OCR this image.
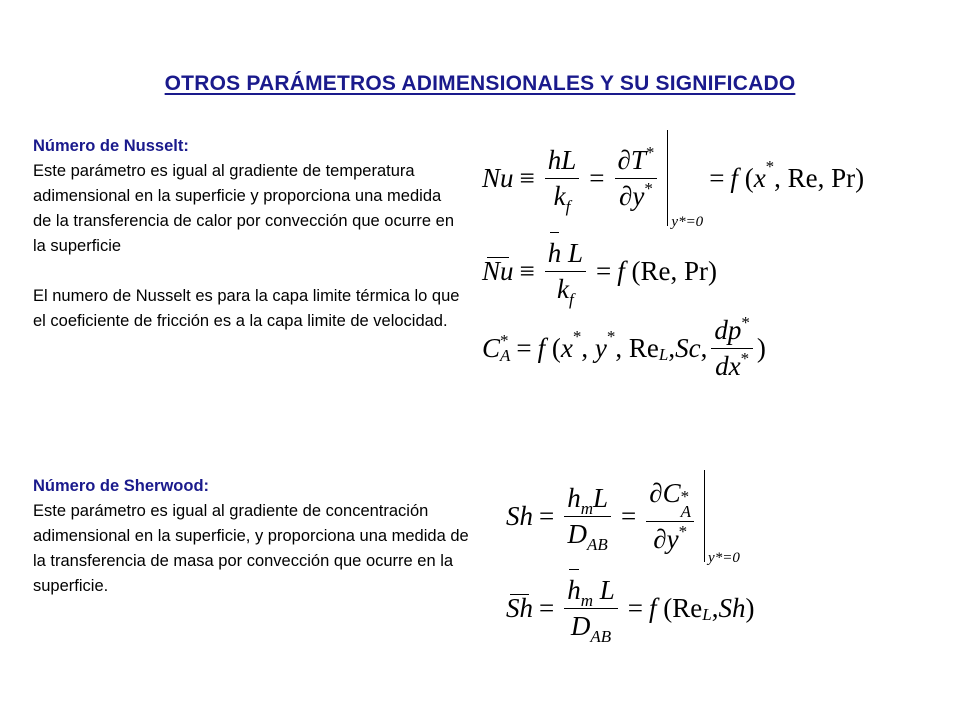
OTROS PARÁMETROS ADIMENSIONALES Y SU SIGNIFICADO

Número de Nusselt:

Este parámetro es igual al gradiente de temperatura adimensional en la superficie y proporciona una medida de la transferencia de calor por convección que ocurre en la superficie

El numero de Nusselt es para la capa limite térmica lo que el coeficiente de fricción es a la capa limite de velocidad.

Número de Sherwood:

Este parámetro es igual al gradiente de concentración adimensional en la superficie, y proporciona una medida de la transferencia de masa por convección que ocurre en la superficie.

$Nu \equiv \frac{hL}{k_f} = \frac{\partial T^*}{\partial y^*}$
y*=0
= f ( x * , Re, Pr)
$Nu \equiv \frac{\text{h L}}{k_f} = f$ (Re, Pr)
C *
A = f ( x * , y * , Re L , Sc , $\frac{dp^*}{dx^*}$ )
$Sh = \frac{h_mL}{D_{AB}} = \partial C$ *
A
∂y*
y*=0
$Sh = \frac{h_m L}{D_{AB}} = f$ (Re L , Sh )
